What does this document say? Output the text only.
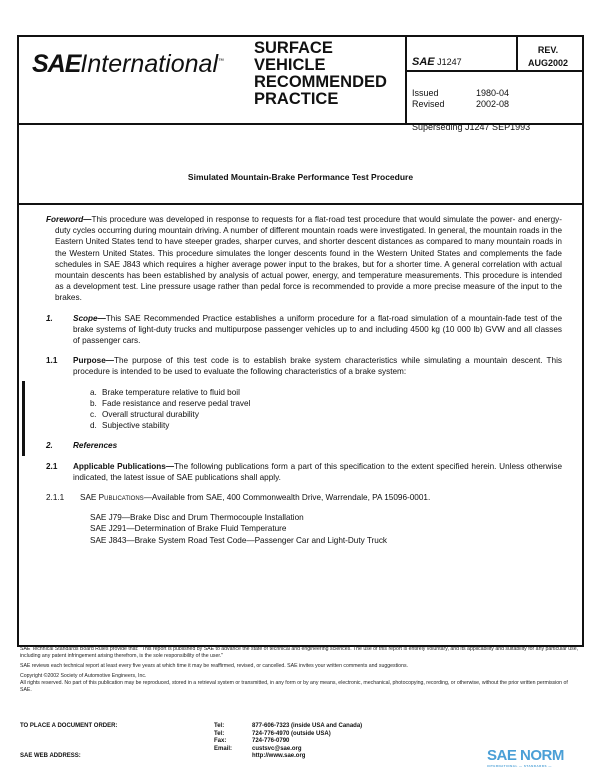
SAEInternational™
SURFACE
VEHICLE
RECOMMENDED
PRACTICE
SAE J1247
REV.
AUG2002
Issued	1980-04
Revised	2002-08
Superseding J1247 SEP1993
Simulated Mountain-Brake Performance Test Procedure

Foreword—This procedure was developed in response to requests for a flat-road test procedure that would simulate the power- and energy-duty cycles occurring during mountain driving. A number of different mountain roads were investigated. In general, the mountain roads in the Eastern United States tend to have steeper grades, sharper curves, and shorter descent distances as compared to many mountain roads in the Western United States. This procedure simulates the longer descents found in the Western United States and complements the fade schedules in SAE J843 which requires a higher average power input to the brakes, but for a shorter time. A general correlation with actual mountain descents has been established by analysis of actual power, energy, and temperature measurements. This procedure is intended as a development test. Line pressure usage rather than pedal force is recommended to provide a more precise measure of the input to the brakes.

1. Scope—This SAE Recommended Practice establishes a uniform procedure for a flat-road simulation of a mountain-fade test of the brake systems of light-duty trucks and multipurpose passenger vehicles up to and including 4500 kg (10 000 lb) GVW and all classes of passenger cars.

1.1 Purpose—The purpose of this test code is to establish brake system characteristics while simulating a mountain descent. This procedure is intended to be used to evaluate the following characteristics of a brake system:

a. Brake temperature relative to fluid boil
b. Fade resistance and reserve pedal travel
c. Overall structural durability
d. Subjective stability

2. References

2.1 Applicable Publications—The following publications form a part of this specification to the extent specified herein. Unless otherwise indicated, the latest issue of SAE publications shall apply.

2.1.1 SAE Publications—Available from SAE, 400 Commonwealth Drive, Warrendale, PA 15096-0001.

SAE J79—Brake Disc and Drum Thermocouple Installation
SAE J291—Determination of Brake Fluid Temperature
SAE J843—Brake System Road Test Code—Passenger Car and Light-Duty Truck

SAE Technical Standards Board Rules provide that: "This report is published by SAE to advance the state of technical and engineering sciences. The use of this report is entirely voluntary, and its applicability and suitability for any particular use, including any patent infringement arising therefrom, is the sole responsibility of the user."

SAE reviews each technical report at least every five years at which time it may be reaffirmed, revised, or cancelled. SAE invites your written comments and suggestions.

Copyright ©2002 Society of Automotive Engineers, Inc.

All rights reserved. No part of this publication may be reproduced, stored in a retrieval system or transmitted, in any form or by any means, electronic, mechanical, photocopying, recording, or otherwise, without the prior written permission of SAE.

TO PLACE A DOCUMENT ORDER:
SAE WEB ADDRESS:
Tel:	877-606-7323 (inside USA and Canada)
Tel:	724-776-4970 (outside USA)
Fax:	724-776-0790
Email:	custsvc@sae.org
http://www.sae.org	SAE NORM
INTERNATIONAL — STANDARDS —
